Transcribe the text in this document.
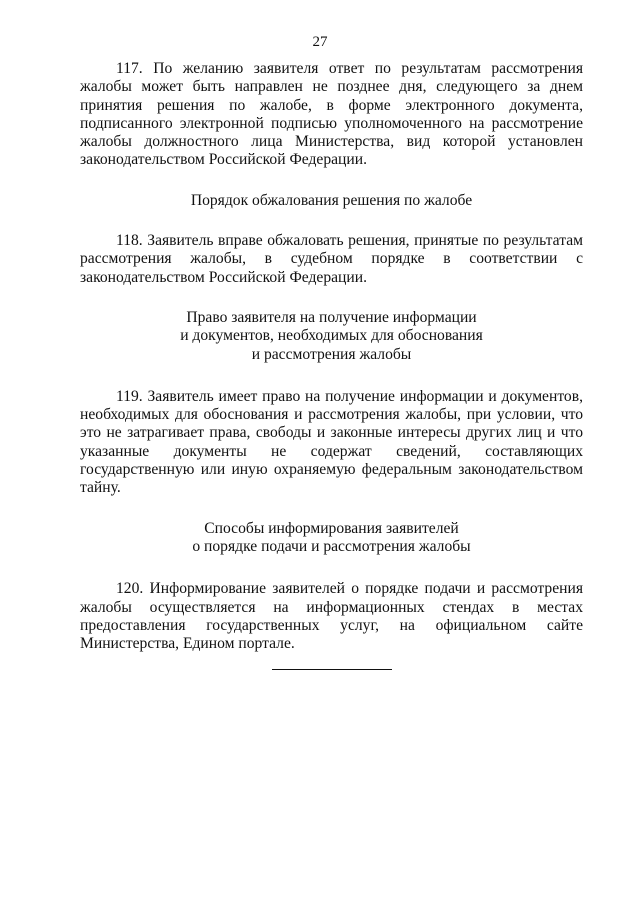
27

117. По желанию заявителя ответ по результатам рассмотрения жалобы может быть направлен не позднее дня, следующего за днем принятия решения по жалобе, в форме электронного документа, подписанного электронной подписью уполномоченного на рассмотрение жалобы должностного лица Министерства, вид которой установлен законодательством Российской Федерации.

Порядок обжалования решения по жалобе

118. Заявитель вправе обжаловать решения, принятые по результатам рассмотрения жалобы, в судебном порядке в соответствии с законодательством Российской Федерации.

Право заявителя на получение информации
и документов, необходимых для обоснования
и рассмотрения жалобы

119. Заявитель имеет право на получение информации и документов, необходимых для обоснования и рассмотрения жалобы, при условии, что это не затрагивает права, свободы и законные интересы других лиц и что указанные документы не содержат сведений, составляющих государственную или иную охраняемую федеральным законодательством тайну.

Способы информирования заявителей
о порядке подачи и рассмотрения жалобы

120. Информирование заявителей о порядке подачи и рассмотрения жалобы осуществляется на информационных стендах в местах предоставления государственных услуг, на официальном сайте Министерства, Едином портале.
